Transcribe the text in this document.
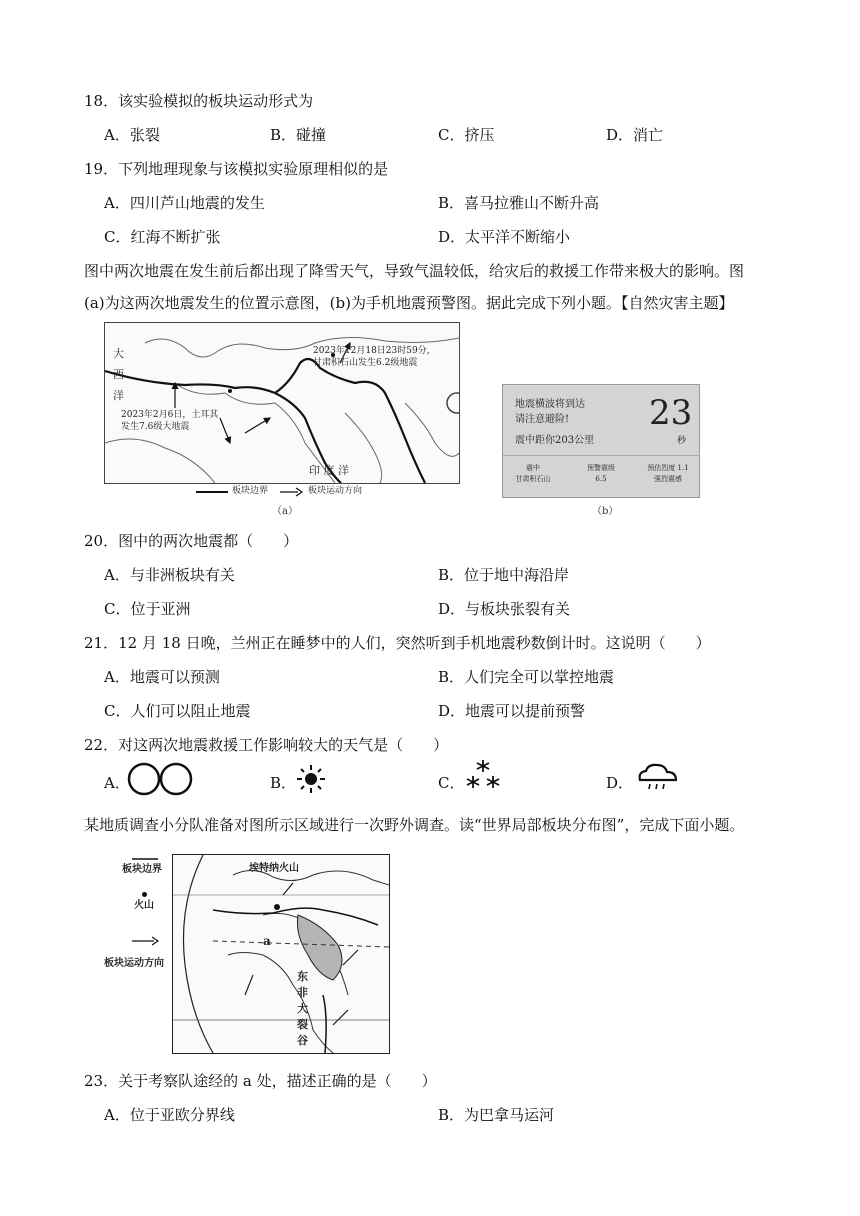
18．该实验模拟的板块运动形式为
A．张裂	B．碰撞	C．挤压	D．消亡
19．下列地理现象与该模拟实验原理相似的是
A．四川芦山地震的发生	B．喜马拉雅山不断升高
C．红海不断扩张	D．太平洋不断缩小
图中两次地震在发生前后都出现了降雪天气，导致气温较低，给灾后的救援工作带来极大的影响。图
(a)为这两次地震发生的位置示意图，(b)为手机地震预警图。据此完成下列小题。【自然灾害主题】
大
西
洋
2023年2月6日，土耳其
发生7.6级大地震
2023年12月18日23时59分,
甘肃积石山发生6.2级地震
印 度 洋
板块边界	板块运动方向
（a）
地震横波将到达
请注意避险!
震中距你203公里
23
秒
震中
甘肃积石山
预警震级
6.5
预估烈度 1.1
强烈震感
（b）
20．图中的两次地震都（　　）
A．与非洲板块有关	B．位于地中海沿岸
C．位于亚洲	D．与板块张裂有关
21．12 月 18 日晚，兰州正在睡梦中的人们，突然听到手机地震秒数倒计时。这说明（　　）
A．地震可以预测	B．人们完全可以掌控地震
C．人们可以阻止地震	D．地震可以提前预警
22．对这两次地震救援工作影响较大的天气是（　　）
A．	B．	C．	D．
某地质调查小分队准备对图所示区域进行一次野外调查。读“世界局部板块分布图”，完成下面小题。
板块边界
火山
板块运动方向
埃特纳火山
a
东
非
大
裂
谷
23．关于考察队途经的 a 处，描述正确的是（　　）
A．位于亚欧分界线	B．为巴拿马运河
